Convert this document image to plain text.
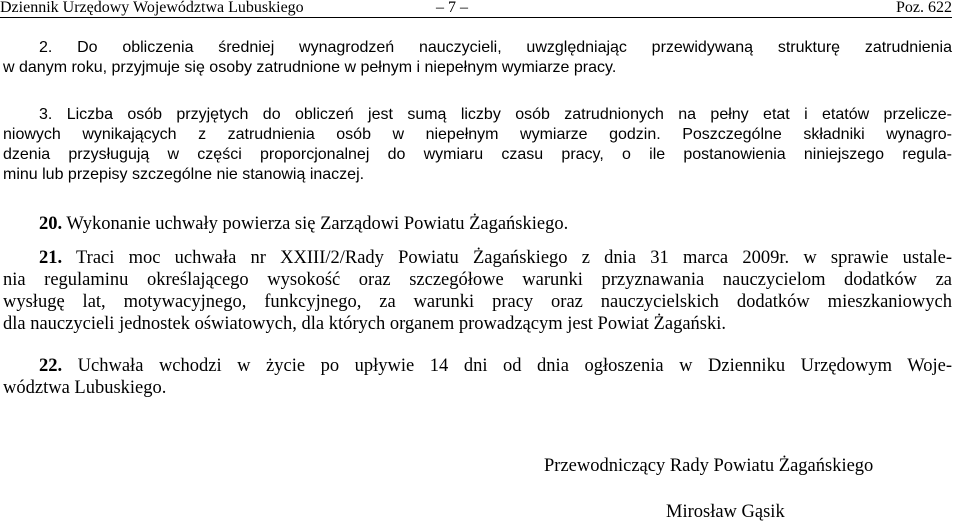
Dziennik Urzędowy Województwa Lubuskiego	– 7 –	Poz. 622
2. Do obliczenia średniej wynagrodzeń nauczycieli, uwzględniając przewidywaną strukturę zatrudnienia
w danym roku, przyjmuje się osoby zatrudnione w pełnym i niepełnym wymiarze pracy.
3. Liczba osób przyjętych do obliczeń jest sumą liczby osób zatrudnionych na pełny etat i etatów przelicze-
niowych wynikających z zatrudnienia osób w niepełnym wymiarze godzin. Poszczególne składniki wynagro-
dzenia przysługują w części proporcjonalnej do wymiaru czasu pracy, o ile postanowienia niniejszego regula-
minu lub przepisy szczególne nie stanowią inaczej.
20. Wykonanie uchwały powierza się Zarządowi Powiatu Żagańskiego.
21. Traci moc uchwała nr XXIII/2/Rady Powiatu Żagańskiego z dnia 31 marca 2009r. w sprawie ustale-
nia regulaminu określającego wysokość oraz szczegółowe warunki przyznawania nauczycielom dodatków za
wysługę lat, motywacyjnego, funkcyjnego, za warunki pracy oraz nauczycielskich dodatków mieszkaniowych
dla nauczycieli jednostek oświatowych, dla których organem prowadzącym jest Powiat Żagański.
22. Uchwała wchodzi w życie po upływie 14 dni od dnia ogłoszenia w Dzienniku Urzędowym Woje-
wództwa Lubuskiego.
Przewodniczący Rady Powiatu Żagańskiego
Mirosław Gąsik
